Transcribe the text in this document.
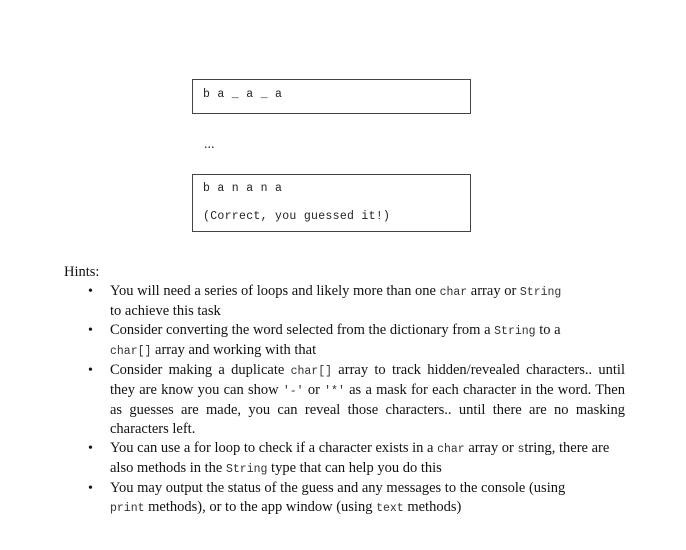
b a _ a _ a
...
b a n a n a
(Correct, you guessed it!)
Hints:
• You will need a series of loops and likely more than one char array or String
to achieve this task
• Consider converting the word selected from the dictionary from a String to a
char[] array and working with that
• Consider making a duplicate char[] array to track hidden/revealed characters.. until they are know you can show '-' or '*' as a mask for each character in the word. Then as guesses are made, you can reveal those characters.. until there are no masking characters left.
• You can use a for loop to check if a character exists in a char array or string, there are also methods in the String type that can help you do this
• You may output the status of the guess and any messages to the console (using
print methods), or to the app window (using text methods)
